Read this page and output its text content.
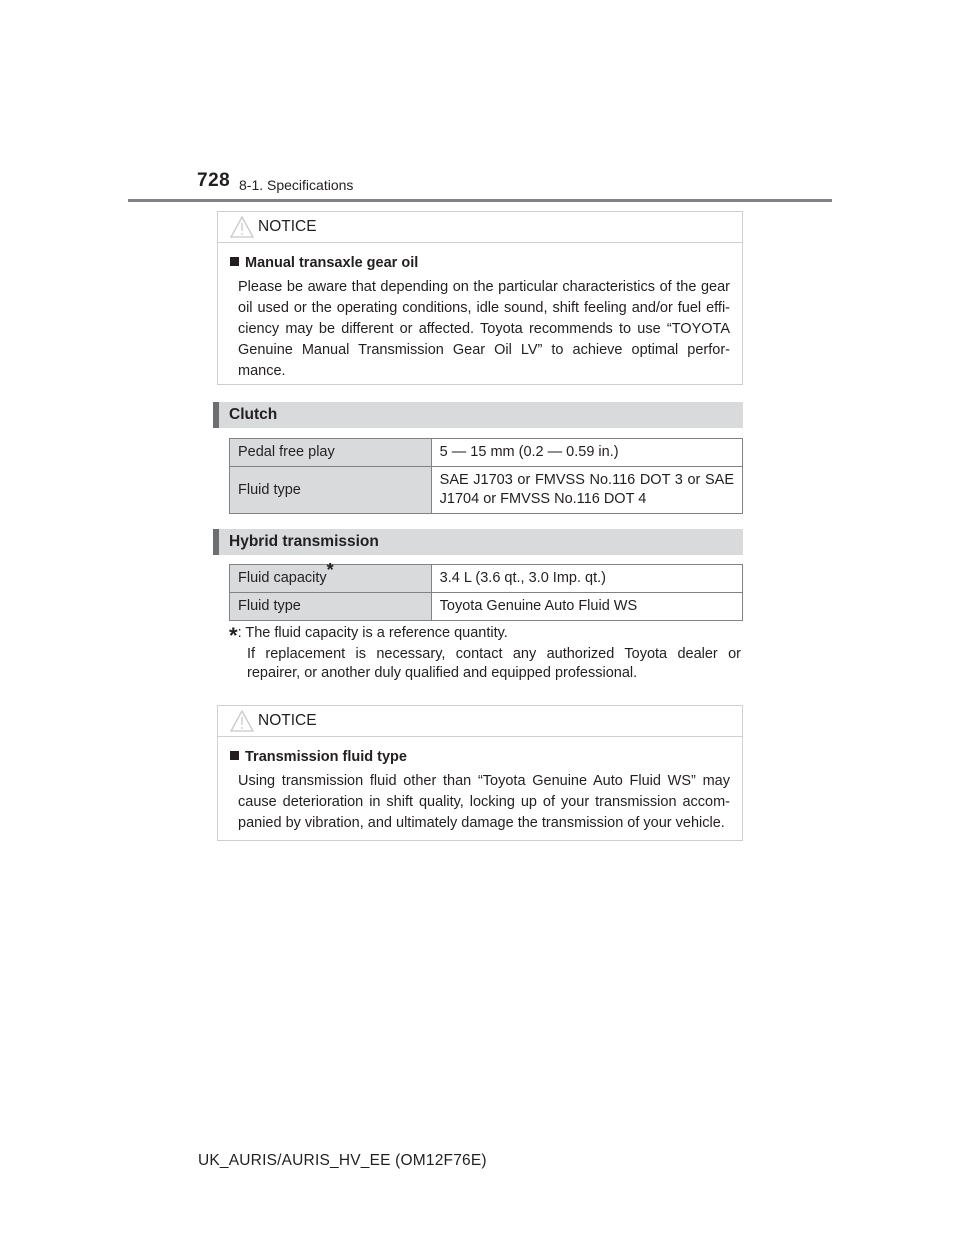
728 8-1. Specifications
NOTICE
Manual transaxle gear oil
Please be aware that depending on the particular characteristics of the gear oil used or the operating conditions, idle sound, shift feeling and/or fuel effi-ciency may be different or affected. Toyota recommends to use “TOYOTA Genuine Manual Transmission Gear Oil LV” to achieve optimal perfor-mance.
Clutch
Pedal free play	5 — 15 mm (0.2 — 0.59 in.)
Fluid type	SAE J1703 or FMVSS No.116 DOT 3 or SAE J1704 or FMVSS No.116 DOT 4
Hybrid transmission
Fluid capacity*	3.4 L (3.6 qt., 3.0 Imp. qt.)
Fluid type	Toyota Genuine Auto Fluid WS
*: The fluid capacity is a reference quantity.
If replacement is necessary, contact any authorized Toyota dealer or repairer, or another duly qualified and equipped professional.
NOTICE
Transmission fluid type
Using transmission fluid other than “Toyota Genuine Auto Fluid WS” may cause deterioration in shift quality, locking up of your transmission accom-panied by vibration, and ultimately damage the transmission of your vehicle.
UK_AURIS/AURIS_HV_EE (OM12F76E)
